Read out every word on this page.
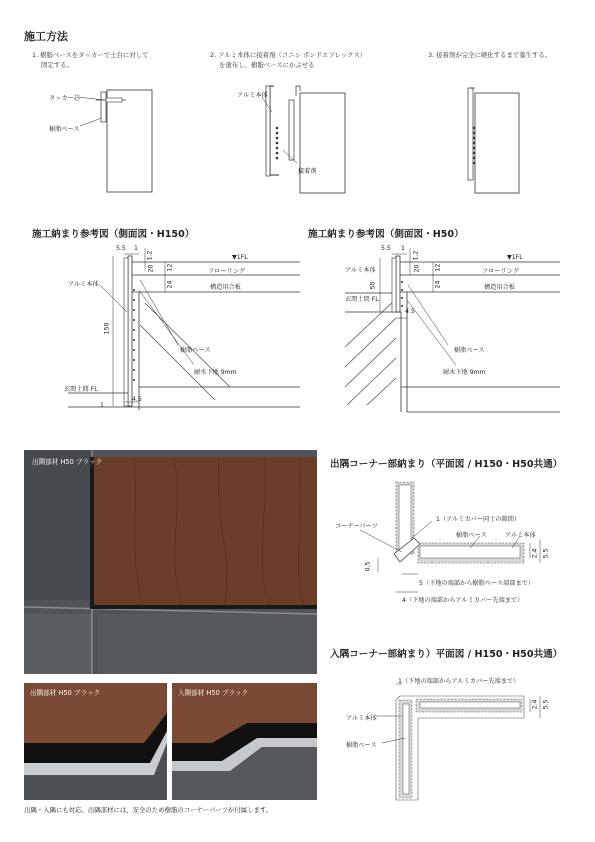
施工方法
1. 樹脂ベースをタッカーで土台に対して
固定する。
2. アルミ本体に接着剤（コニシ ボンドエフレックス）
を塗布し、樹脂ベースにかぶせる
3. 接着剤が完全に硬化するまで養生する。
タッカー芯
樹脂ベース
アルミ本体
接着剤
施工納まり参考図（側面図・H150）
5.5 1
1.2
20 12
24
150
1
4.5
▼1FL
フローリング
構造用合板
アルミ本体
樹脂ベース
耐水下地 9mm
玄関土間 FL
施工納まり参考図（側面図・H50）
5.5 1
1.2
20 12
24
50
4.5
▼1FL
フローリング
構造用合板
アルミ本体
玄関土間 FL
樹脂ベース
耐水下地 9mm
出隅部材 H50 ブラック
出隅部材 H50 ブラック	入隅部材 H50 ブラック
出隅・入隅にも対応。出隅部材には、安全のため樹脂のコーナーパーツが付属します。
出隅コーナー部納まり（平面図 / H150・H50共通）
コーナーパーツ
1（アルミカバー同士の隙間）
樹脂ベース	アルミ本体
2.4 5.5
0.5
5（下地の端部から樹脂ベース端部まで）
4（下地の端部からアルミカバー先端まで）
入隅コーナー部納まり）平面図 / H150・H50共通）
1（下地の端部からアルミカバー先端まで）
アルミ本体
樹脂ベース
2.4 5.5
